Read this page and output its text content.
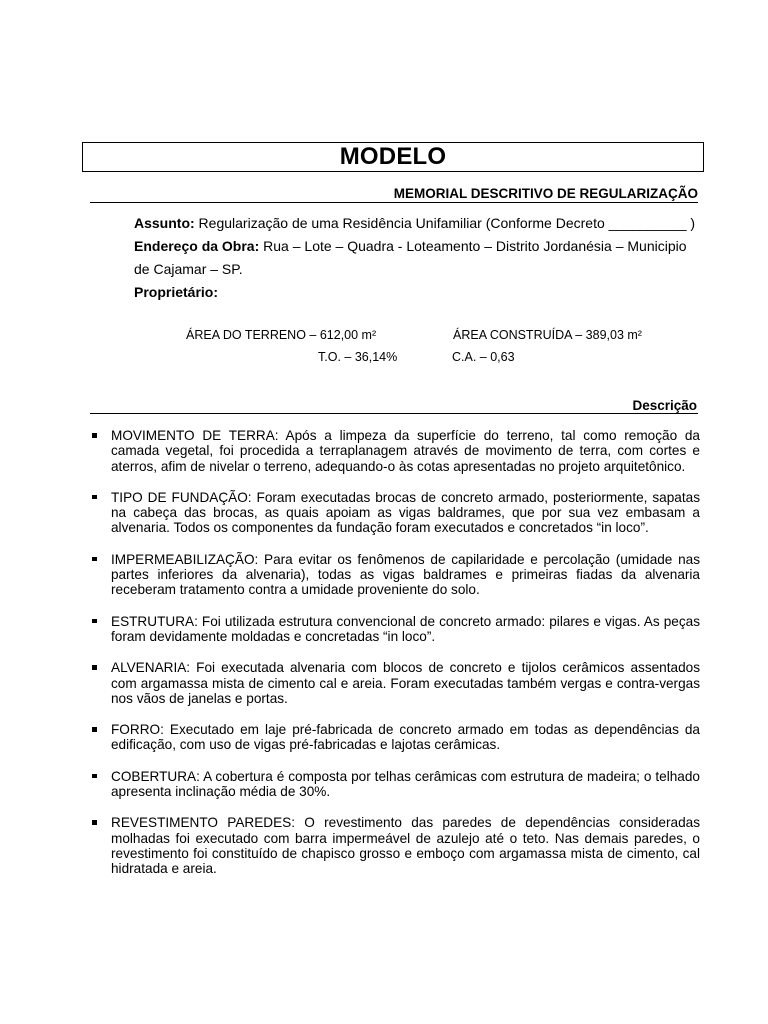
MODELO
MEMORIAL DESCRITIVO DE REGULARIZAÇÃO
Assunto: Regularização de uma Residência Unifamiliar (Conforme Decreto __________ )
Endereço da Obra: Rua – Lote – Quadra - Loteamento – Distrito Jordanésia – Municipio de Cajamar – SP.
Proprietário:
ÁREA DO TERRENO – 612,00 m²	ÁREA CONSTRUÍDA – 389,03 m²
T.O. – 36,14%	C.A. – 0,63
Descrição
MOVIMENTO DE TERRA: Após a limpeza da superfície do terreno, tal como remoção da camada vegetal, foi procedida a terraplanagem através de movimento de terra, com cortes e aterros, afim de nivelar o terreno, adequando-o às cotas apresentadas no projeto arquitetônico.
TIPO DE FUNDAÇÃO: Foram executadas brocas de concreto armado, posteriormente, sapatas na cabeça das brocas, as quais apoiam as vigas baldrames, que por sua vez embasam a alvenaria. Todos os componentes da fundação foram executados e concretados “in loco”.
IMPERMEABILIZAÇÃO: Para evitar os fenômenos de capilaridade e percolação (umidade nas partes inferiores da alvenaria), todas as vigas baldrames e primeiras fiadas da alvenaria receberam tratamento contra a umidade proveniente do solo.
ESTRUTURA: Foi utilizada estrutura convencional de concreto armado: pilares e vigas. As peças foram devidamente moldadas e concretadas “in loco”.
ALVENARIA: Foi executada alvenaria com blocos de concreto e tijolos cerâmicos assentados com argamassa mista de cimento cal e areia. Foram executadas também vergas e contra-vergas nos vãos de janelas e portas.
FORRO: Executado em laje pré-fabricada de concreto armado em todas as dependências da edificação, com uso de vigas pré-fabricadas e lajotas cerâmicas.
COBERTURA: A cobertura é composta por telhas cerâmicas com estrutura de madeira; o telhado apresenta inclinação média de 30%.
REVESTIMENTO PAREDES: O revestimento das paredes de dependências consideradas molhadas foi executado com barra impermeável de azulejo até o teto. Nas demais paredes, o revestimento foi constituído de chapisco grosso e emboço com argamassa mista de cimento, cal hidratada e areia.
